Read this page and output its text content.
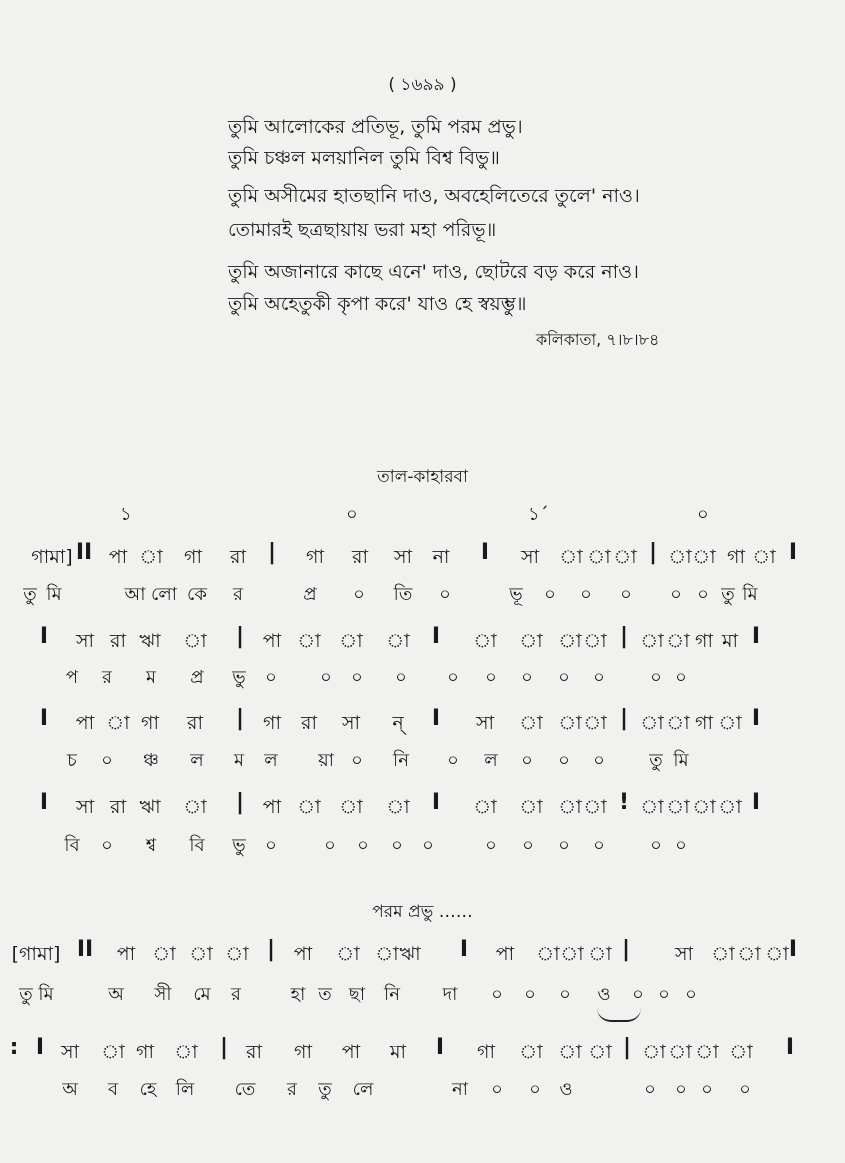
( ১৬৯৯ )
তুমি আলোকের প্রতিভূ, তুমি পরম প্রভু।
তুমি চঞ্চল মলয়ানিল তুমি বিশ্ব বিভু॥
তুমি অসীমের হাতছানি দাও, অবহেলিতেরে তুলে' নাও।
তোমারই ছত্রছায়ায় ভরা মহা পরিভূ॥
তুমি অজানারে কাছে এনে' দাও, ছোটরে বড় করে নাও।
তুমি অহেতুকী কৃপা করে' যাও হে স্বয়ম্ভু॥
কলিকাতা, ৭।৮।৮৪
তাল-কাহারবা
১	০	১´	০
গামা] II পা া গা রা | গা রা সা না I সা া া া | া া গা া I
তু মি	আ লো কে র	প্র ০ তি ০	ভূ ০ ০ ০ ০ ০ তু মি
I সা রা ঋা া | পা া া া I া া া া | া া গা মা I
প র ম প্র ভু ০ ০ ০ ০ ০ ০ ০ ০ ০	০ ০
I পা া গা রা | গা রা সা ন্ I সা া া া | া া গা া I
চ ০ ঞ্চ ল ম ল য়া ০ নি ০ ল ০ ০ ০ তু মি
I সা রা ঋা া | পা া া া I া া া া ! া া া া I
বি ০ শ্ব বি ভু ০	০ ০ ০ ০	০ ০ ০ ০	০ ০
পরম প্রভু ……
[গামা] II পা া া া | পা া া ঋা I পা া া া | সা া া া I
তু মি	অ সী মে র	হা ত ছা নি দা ০ ০ ০ ও ০ ০ ০
: I সা া গা া | রা গা পা মা I গা া া া | া া া া I
অ ব হে লি তে র তু লে	না ০ ০ ও	০ ০ ০ ০
